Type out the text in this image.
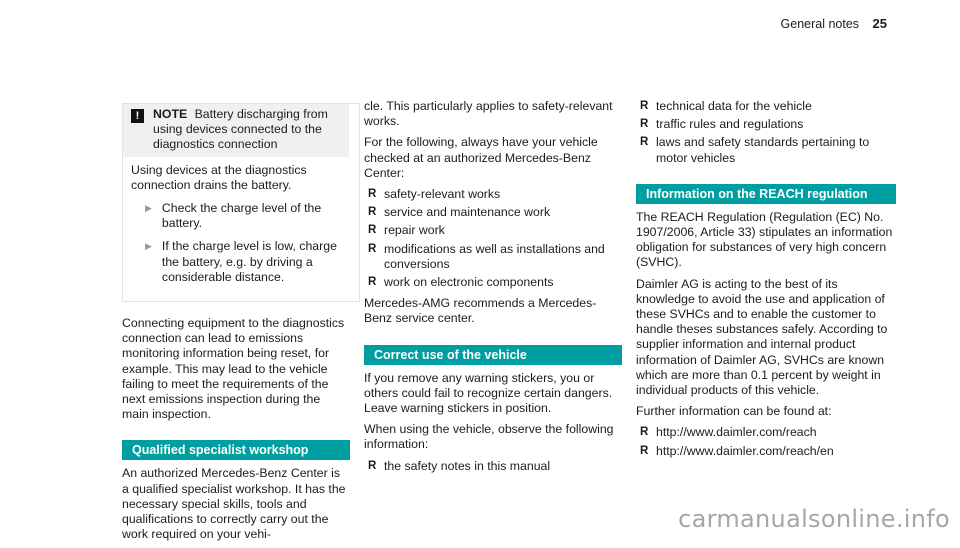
General notes 25
!	NOTE Battery discharging from using devices connected to the diagnostics connection

Using devices at the diagnostics connection drains the battery.

▶ Check the charge level of the battery.
▶ If the charge level is low, charge the battery, e.g. by driving a considerable distance.

Connecting equipment to the diagnostics connection can lead to emissions monitoring information being reset, for example. This may lead to the vehicle failing to meet the requirements of the next emissions inspection during the main inspection.

Qualified specialist workshop

An authorized Mercedes-Benz Center is a qualified specialist workshop. It has the necessary special skills, tools and qualifications to correctly carry out the work required on your vehi-

cle. This particularly applies to safety-relevant works.

For the following, always have your vehicle checked at an authorized Mercedes-Benz Center:

R safety-relevant works
R service and maintenance work
R repair work
R modifications as well as installations and conversions
R work on electronic components

Mercedes-AMG recommends a Mercedes-Benz service center.

Correct use of the vehicle

If you remove any warning stickers, you or others could fail to recognize certain dangers. Leave warning stickers in position.

When using the vehicle, observe the following information:

R the safety notes in this manual
R technical data for the vehicle
R traffic rules and regulations
R laws and safety standards pertaining to motor vehicles
Information on the REACH regulation

The REACH Regulation (Regulation (EC) No. 1907/2006, Article 33) stipulates an information obligation for substances of very high concern (SVHC).

Daimler AG is acting to the best of its knowledge to avoid the use and application of these SVHCs and to enable the customer to handle theses substances safely. According to supplier information and internal product information of Daimler AG, SVHCs are known which are more than 0.1 percent by weight in individual products of this vehicle.

Further information can be found at:

R http://www.daimler.com/reach
R http://www.daimler.com/reach/en
carmanualsonline.info
